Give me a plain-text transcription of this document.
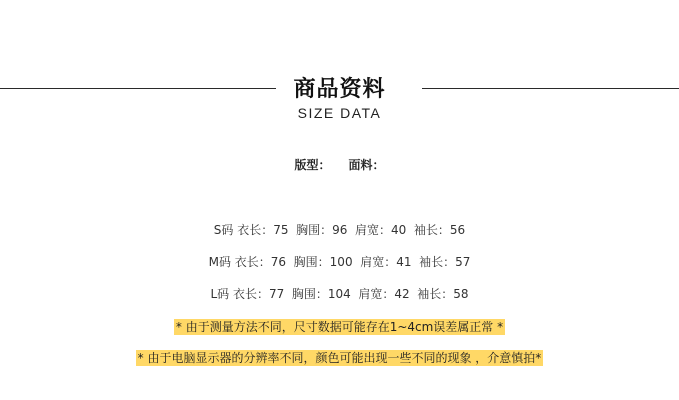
商品资料
SIZE DATA
版型： 面料：
S码 衣长：75  胸围：96  肩宽：40  袖长：56
M码 衣长：76  胸围：100  肩宽：41  袖长：57
L码 衣长：77  胸围：104  肩宽：42  袖长：58
* 由于测量方法不同，尺寸数据可能存在1~4cm误差属正常 *
* 由于电脑显示器的分辨率不同，颜色可能出现一些不同的现象 ，介意慎拍*
